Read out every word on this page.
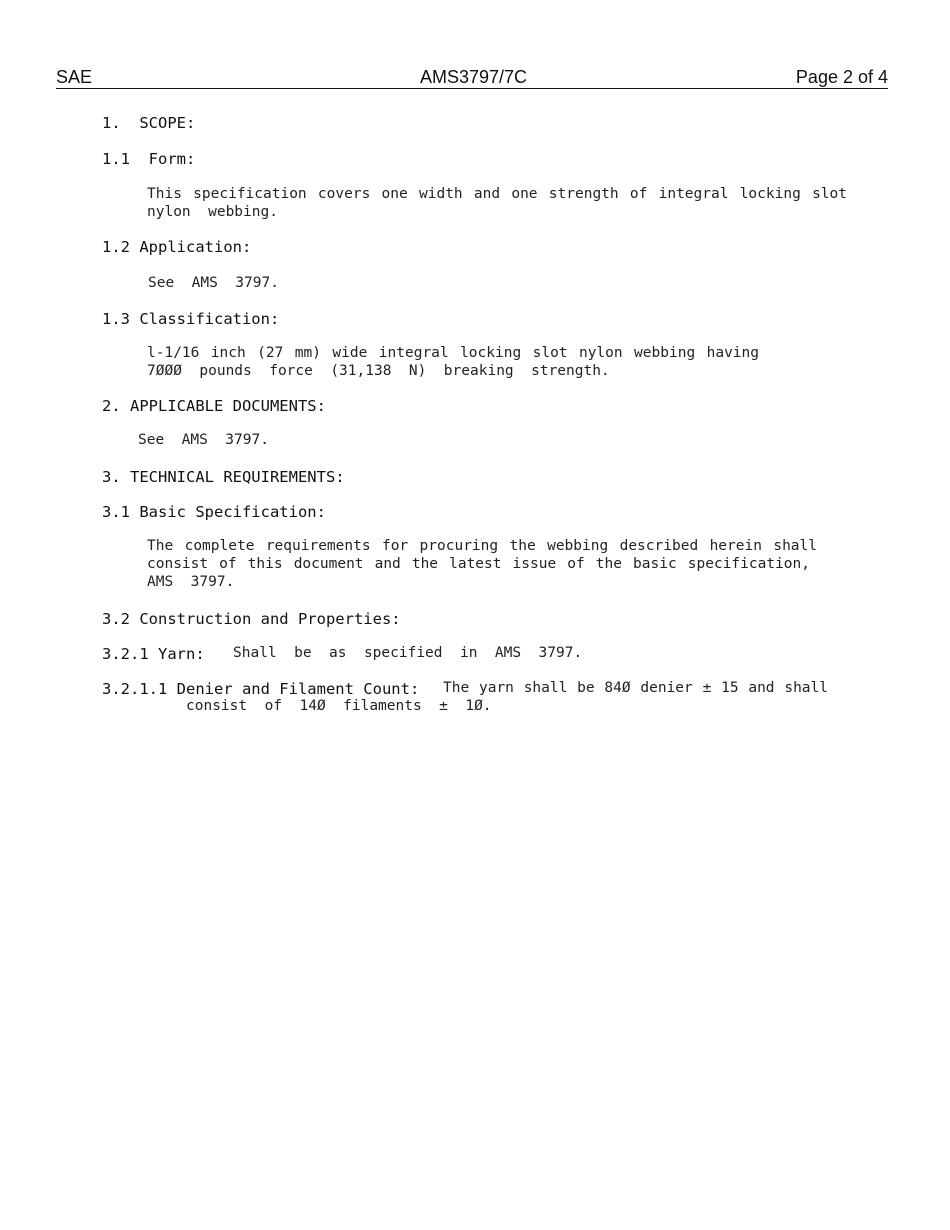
SAE	AMS3797/7C	Page 2 of 4
1.  SCOPE:
1.1  Form:
This specification covers one width and one strength of integral locking slot
nylon  webbing.
1.2 Application:
See  AMS  3797.
1.3 Classification:
l-1/16 inch (27 mm) wide integral locking slot nylon webbing having
7ØØØ  pounds  force  (31,138  N)  breaking  strength.
2. APPLICABLE DOCUMENTS:
See  AMS  3797.
3. TECHNICAL REQUIREMENTS:
3.1 Basic Specification:
The complete requirements for procuring the webbing described herein shall
consist of this document and the latest issue of the basic specification,
AMS  3797.
3.2 Construction and Properties:
3.2.1 Yarn: Shall  be  as  specified  in  AMS  3797.
3.2.1.1 Denier and Filament Count: The yarn shall be 84Ø denier ± 15 and shall
consist  of  14Ø  filaments  ±  1Ø.
